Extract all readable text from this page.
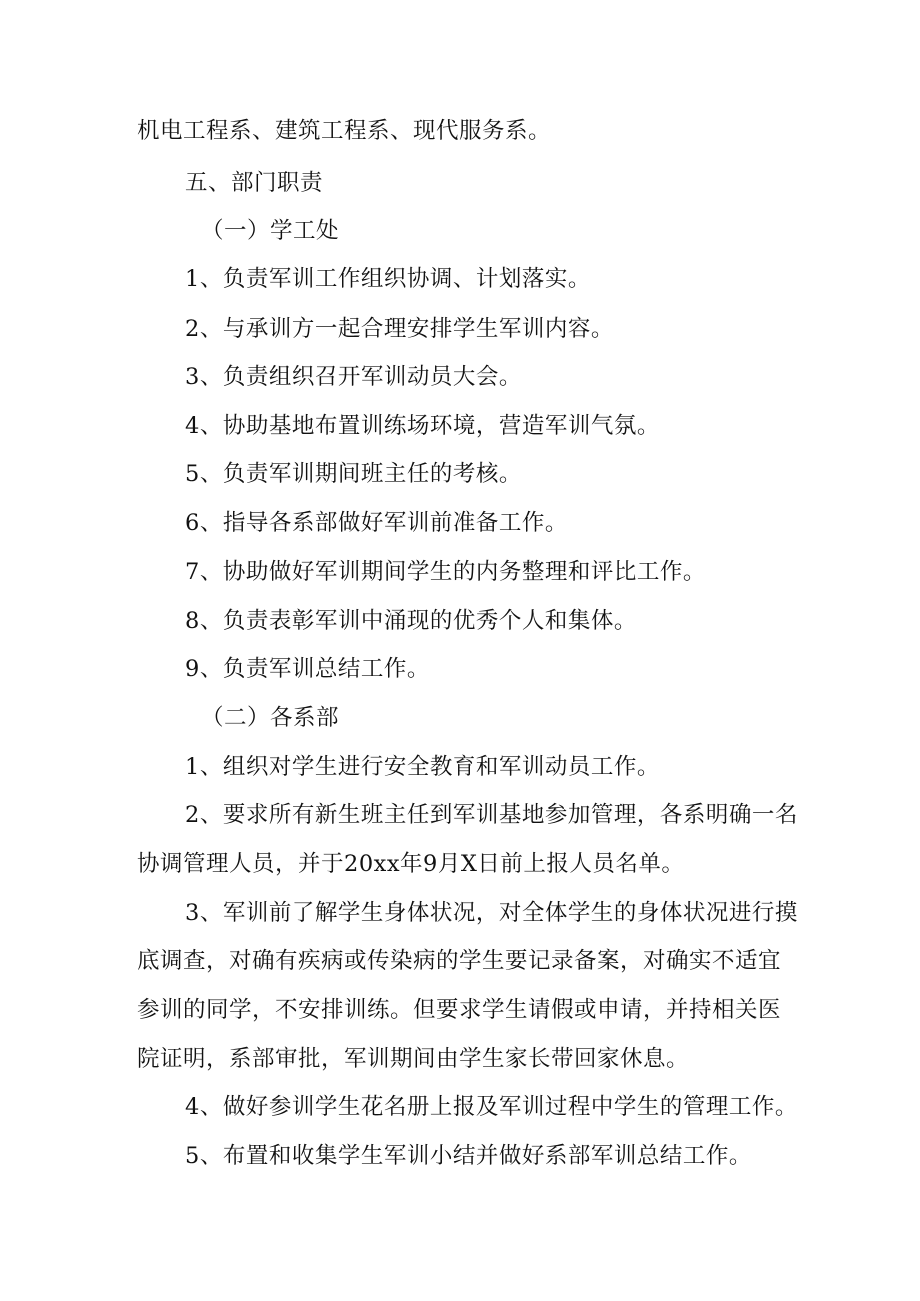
机电工程系、建筑工程系、现代服务系。
五、部门职责
（一）学工处
1、负责军训工作组织协调、计划落实。
2、与承训方一起合理安排学生军训内容。
3、负责组织召开军训动员大会。
4、协助基地布置训练场环境，营造军训气氛。
5、负责军训期间班主任的考核。
6、指导各系部做好军训前准备工作。
7、协助做好军训期间学生的内务整理和评比工作。
8、负责表彰军训中涌现的优秀个人和集体。
9、负责军训总结工作。
（二）各系部
1、组织对学生进行安全教育和军训动员工作。
2、要求所有新生班主任到军训基地参加管理，各系明确一名
协调管理人员，并于20xx年9月X日前上报人员名单。
3、军训前了解学生身体状况，对全体学生的身体状况进行摸
底调查，对确有疾病或传染病的学生要记录备案，对确实不适宜
参训的同学，不安排训练。但要求学生请假或申请，并持相关医
院证明，系部审批，军训期间由学生家长带回家休息。
4、做好参训学生花名册上报及军训过程中学生的管理工作。
5、布置和收集学生军训小结并做好系部军训总结工作。
